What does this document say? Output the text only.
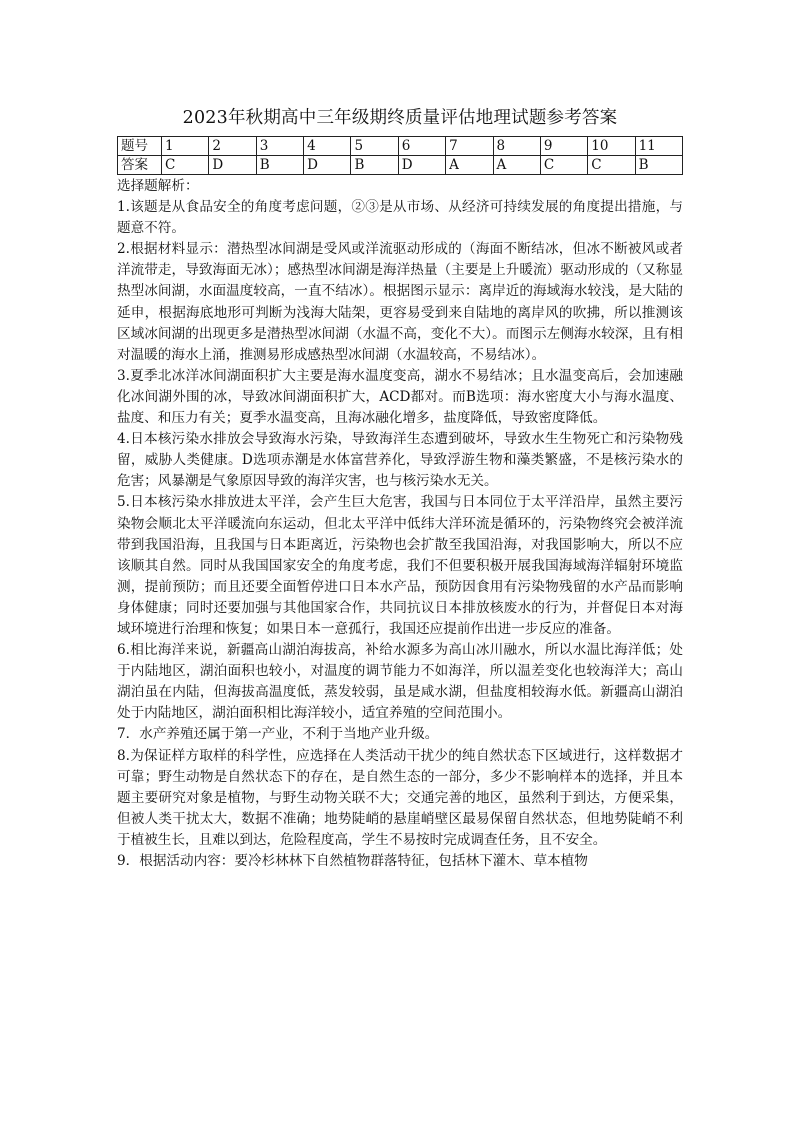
2023年秋期高中三年级期终质量评估地理试题参考答案
题号	1	2	3	4	5	6	7	8	9	10	11
答案	C	D	B	D	B	D	A	A	C	C	B

选择题解析：

1.该题是从食品安全的角度考虑问题，②③是从市场、从经济可持续发展的角度提出措施，与题意不符。

2.根据材料显示：潜热型冰间湖是受风或洋流驱动形成的（海面不断结冰，但冰不断被风或者洋流带走，导致海面无冰）；感热型冰间湖是海洋热量（主要是上升暖流）驱动形成的（又称显热型冰间湖，水面温度较高，一直不结冰）。根据图示显示：离岸近的海域海水较浅，是大陆的延申，根据海底地形可判断为浅海大陆架，更容易受到来自陆地的离岸风的吹拂，所以推测该区域冰间湖的出现更多是潜热型冰间湖（水温不高，变化不大）。而图示左侧海水较深，且有相对温暖的海水上涌，推测易形成感热型冰间湖（水温较高，不易结冰）。

3.夏季北冰洋冰间湖面积扩大主要是海水温度变高，湖水不易结冰；且水温变高后，会加速融化冰间湖外围的冰，导致冰间湖面积扩大，ACD都对。而B选项：海水密度大小与海水温度、盐度、和压力有关；夏季水温变高，且海冰融化增多，盐度降低，导致密度降低。

4.日本核污染水排放会导致海水污染，导致海洋生态遭到破坏，导致水生生物死亡和污染物残留，威胁人类健康。D选项赤潮是水体富营养化，导致浮游生物和藻类繁盛，不是核污染水的危害；风暴潮是气象原因导致的海洋灾害，也与核污染水无关。

5.日本核污染水排放进太平洋，会产生巨大危害，我国与日本同位于太平洋沿岸，虽然主要污染物会顺北太平洋暖流向东运动，但北太平洋中低纬大洋环流是循环的，污染物终究会被洋流带到我国沿海，且我国与日本距离近，污染物也会扩散至我国沿海，对我国影响大，所以不应该顺其自然。同时从我国国家安全的角度考虑，我们不但要积极开展我国海域海洋辐射环境监测，提前预防；而且还要全面暂停进口日本水产品，预防因食用有污染物残留的水产品而影响身体健康；同时还要加强与其他国家合作，共同抗议日本排放核废水的行为，并督促日本对海域环境进行治理和恢复；如果日本一意孤行，我国还应提前作出进一步反应的准备。

6.相比海洋来说，新疆高山湖泊海拔高，补给水源多为高山冰川融水，所以水温比海洋低；处于内陆地区，湖泊面积也较小，对温度的调节能力不如海洋，所以温差变化也较海洋大；高山湖泊虽在内陆，但海拔高温度低，蒸发较弱，虽是咸水湖，但盐度相较海水低。新疆高山湖泊处于内陆地区，湖泊面积相比海洋较小，适宜养殖的空间范围小。

7．水产养殖还属于第一产业，不利于当地产业升级。

8.为保证样方取样的科学性，应选择在人类活动干扰少的纯自然状态下区域进行，这样数据才可靠；野生动物是自然状态下的存在，是自然生态的一部分，多少不影响样本的选择，并且本题主要研究对象是植物，与野生动物关联不大；交通完善的地区，虽然利于到达，方便采集，但被人类干扰太大，数据不准确；地势陡峭的悬崖峭壁区最易保留自然状态，但地势陡峭不利于植被生长，且难以到达，危险程度高，学生不易按时完成调查任务，且不安全。

9．根据活动内容：要冷杉林林下自然植物群落特征，包括林下灌木、草本植物
